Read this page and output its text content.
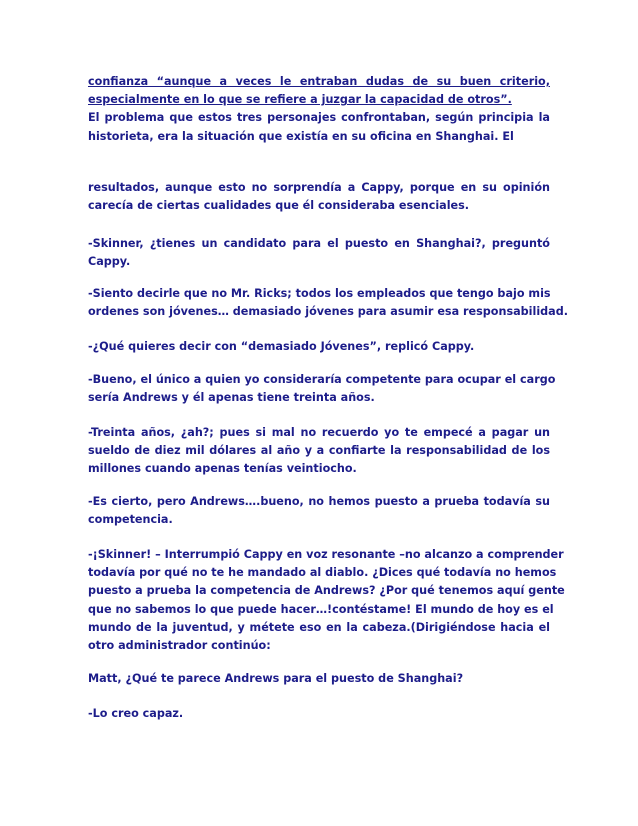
confianza “aunque a veces le entraban dudas de su buen criterio,
especialmente en lo que se refiere a juzgar la capacidad de otros”.
El problema que estos tres personajes confrontaban, según principia la
historieta, era la situación que existía en su oficina en Shanghai. El
resultados, aunque esto no sorprendía a Cappy, porque en su opinión
carecía de ciertas cualidades que él consideraba esenciales.
-Skinner, ¿tienes un candidato para el puesto en Shanghai?, preguntó
Cappy.
-Siento decirle que no Mr. Ricks; todos los empleados que tengo bajo mis
ordenes son jóvenes… demasiado jóvenes para asumir esa responsabilidad.
-¿Qué quieres decir con “demasiado Jóvenes”, replicó Cappy.
-Bueno, el único a quien yo consideraría competente para ocupar el cargo
sería Andrews y él apenas tiene treinta años.
-Treinta años, ¿ah?; pues si mal no recuerdo yo te empecé a pagar un
sueldo de diez mil dólares al año y a confiarte la responsabilidad de los
millones cuando apenas tenías veintiocho.
-Es cierto, pero Andrews….bueno, no hemos puesto a prueba todavía su
competencia.
-¡Skinner! – Interrumpió Cappy en voz resonante –no alcanzo a comprender
todavía por qué no te he mandado al diablo. ¿Dices qué todavía no hemos
puesto a prueba la competencia de Andrews? ¿Por qué tenemos aquí gente
que no sabemos lo que puede hacer…!contéstame! El mundo de hoy es el
mundo de la juventud, y métete eso en la cabeza.(Dirigiéndose hacia el
otro administrador continúo:
Matt, ¿Qué te parece Andrews para el puesto de Shanghai?
-Lo creo capaz.
